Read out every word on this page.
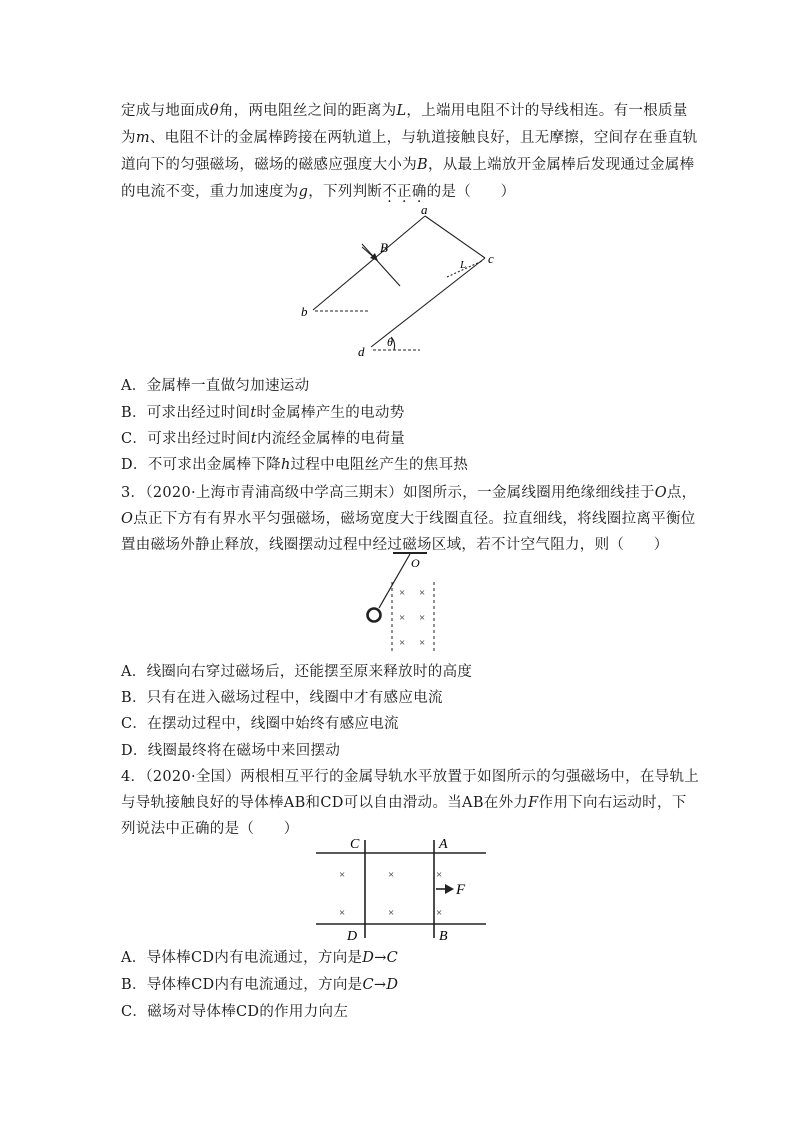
定成与地面成θ角，两电阻丝之间的距离为L，上端用电阻不计的导线相连。有一根质量
为m、电阻不计的金属棒跨接在两轨道上，与轨道接触良好，且无摩擦，空间存在垂直轨
道向下的匀强磁场，磁场的磁感应强度大小为B，从最上端放开金属棒后发现通过金属棒
的电流不变，重力加速度为g，下列判断不正确的是（　　）
a
b
c
d
B
L
θ
A．金属棒一直做匀加速运动
B．可求出经过时间t时金属棒产生的电动势
C．可求出经过时间t内流经金属棒的电荷量
D．不可求出金属棒下降h过程中电阻丝产生的焦耳热
3．（2020·上海市青浦高级中学高三期末）如图所示，一金属线圈用绝缘细线挂于O点，
O点正下方有有界水平匀强磁场，磁场宽度大于线圈直径。拉直细线，将线圈拉离平衡位
置由磁场外静止释放，线圈摆动过程中经过磁场区域，若不计空气阻力，则（　　）
O
× ×
× ×
× ×
A．线圈向右穿过磁场后，还能摆至原来释放时的高度
B．只有在进入磁场过程中，线圈中才有感应电流
C．在摆动过程中，线圈中始终有感应电流
D．线圈最终将在磁场中来回摆动
4．（2020·全国）两根相互平行的金属导轨水平放置于如图所示的匀强磁场中，在导轨上
与导轨接触良好的导体棒AB和CD可以自由滑动。当AB在外力F作用下向右运动时，下
列说法中正确的是（　　）
C	A
D	B
F
×	×	×
×	×	×
A．导体棒CD内有电流通过，方向是D→C
B．导体棒CD内有电流通过，方向是C→D
C．磁场对导体棒CD的作用力向左
